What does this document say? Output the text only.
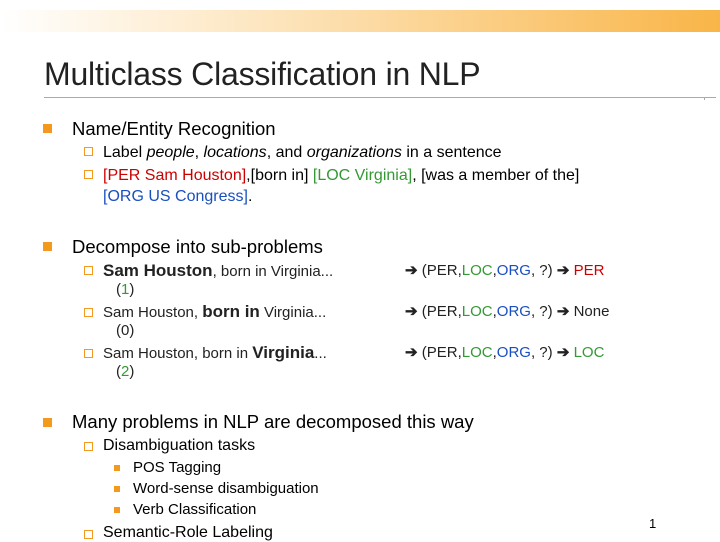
Multiclass Classification in NLP
Name/Entity Recognition
Label people, locations, and organizations in a sentence
[PER Sam Houston],[born in] [LOC Virginia], [was a member of the]
[ORG US Congress].
Decompose into sub-problems
Sam Houston, born in Virginia...
(1)
➔ (PER,LOC,ORG, ?) ➔ PER
Sam Houston, born in Virginia...
(0)
➔ (PER,LOC,ORG, ?) ➔ None
Sam Houston, born in Virginia...
(2)
➔ (PER,LOC,ORG, ?) ➔ LOC
Many problems in NLP are decomposed this way
Disambiguation tasks
POS Tagging
Word-sense disambiguation
Verb Classification
Semantic-Role Labeling
1
